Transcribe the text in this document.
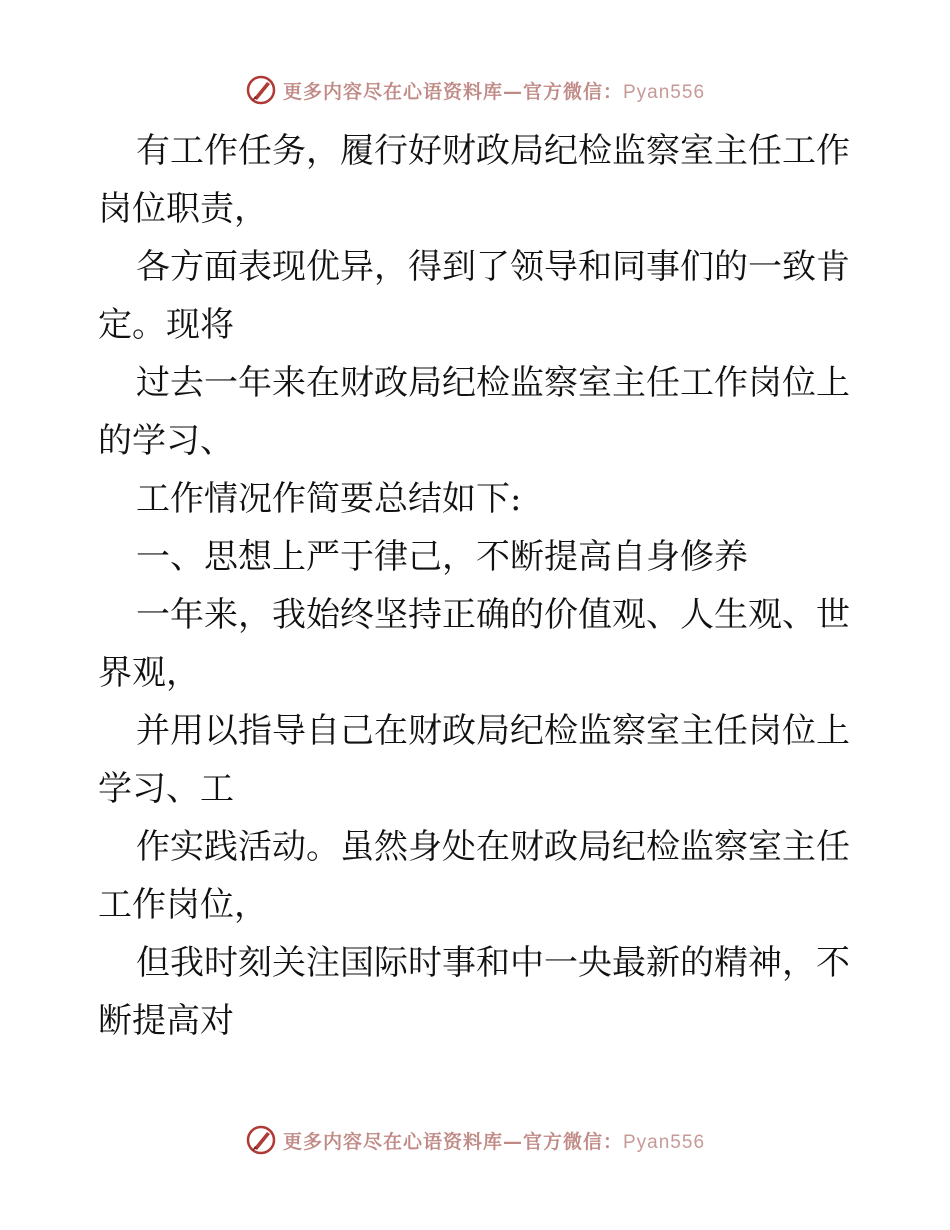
更多内容尽在心语资料库—官方微信：Pyan556
有工作任务，履行好财政局纪检监察室主任工作
岗位职责，
各方面表现优异，得到了领导和同事们的一致肯
定。现将
过去一年来在财政局纪检监察室主任工作岗位上
的学习、
工作情况作简要总结如下:
一、思想上严于律己，不断提高自身修养
一年来，我始终坚持正确的价值观、人生观、世
界观，
并用以指导自己在财政局纪检监察室主任岗位上
学习、工
作实践活动。虽然身处在财政局纪检监察室主任
工作岗位，
但我时刻关注国际时事和中一央最新的精神，不
断提高对
更多内容尽在心语资料库—官方微信：Pyan556
